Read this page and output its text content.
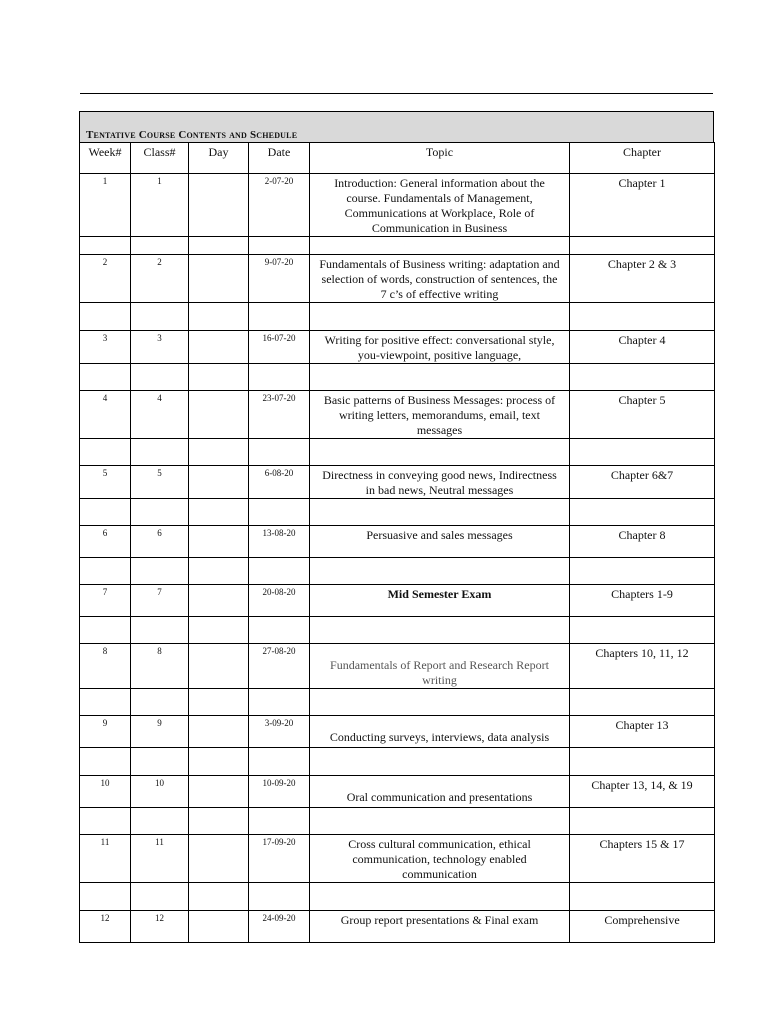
Tentative Course Contents and Schedule
Week#	Class#	Day	Date	Topic	Chapter
1	1		2-07-20	Introduction: General information about the course. Fundamentals of Management, Communications at Workplace, Role of Communication in Business	Chapter 1

2	2		9-07-20	Fundamentals of Business writing: adaptation and selection of words, construction of sentences, the 7 c’s of effective writing	Chapter 2 & 3

3	3		16-07-20	Writing for positive effect: conversational style, you-viewpoint, positive language,	Chapter 4

4	4		23-07-20	Basic patterns of Business Messages: process of writing letters, memorandums, email, text messages	Chapter 5

5	5		6-08-20	Directness in conveying good news, Indirectness in bad news, Neutral messages	Chapter 6&7

6	6		13-08-20	Persuasive and sales messages	Chapter 8

7	7		20-08-20	Mid Semester Exam	Chapters 1-9

8	8		27-08-20	Fundamentals of Report and Research Report writing	Chapters 10, 11, 12

9	9		3-09-20	Conducting surveys, interviews, data analysis	Chapter 13

10	10		10-09-20	Oral communication and presentations	Chapter 13, 14, & 19

11	11		17-09-20	Cross cultural communication, ethical communication, technology enabled communication	Chapters 15 & 17

12	12		24-09-20	Group report presentations & Final exam	Comprehensive
